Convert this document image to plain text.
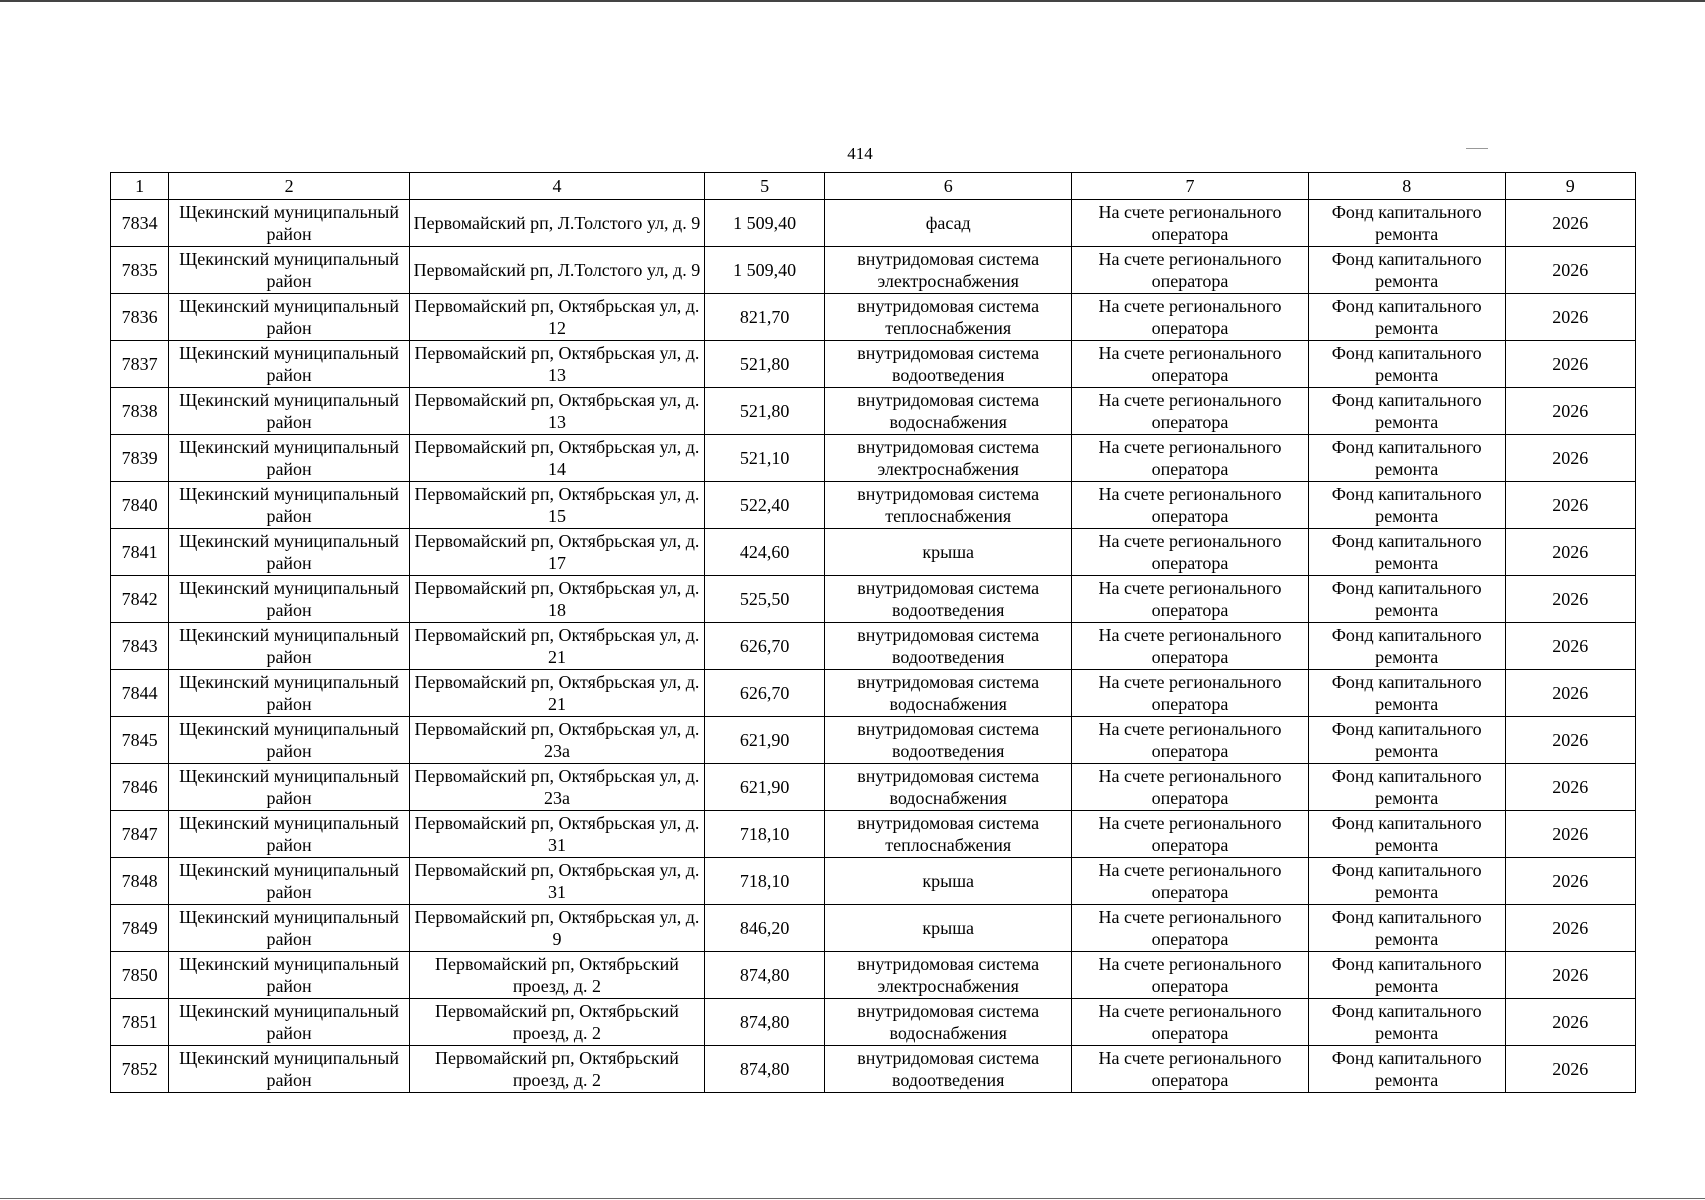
414
1	2	4	5	6	7	8	9
7834	Щекинский муниципальный район	Первомайский рп, Л.Толстого ул, д. 9	1 509,40	фасад	На счете регионального оператора	Фонд капитального ремонта	2026
7835	Щекинский муниципальный район	Первомайский рп, Л.Толстого ул, д. 9	1 509,40	внутридомовая система электроснабжения	На счете регионального оператора	Фонд капитального ремонта	2026
7836	Щекинский муниципальный район	Первомайский рп, Октябрьская ул, д. 12	821,70	внутридомовая система теплоснабжения	На счете регионального оператора	Фонд капитального ремонта	2026
7837	Щекинский муниципальный район	Первомайский рп, Октябрьская ул, д. 13	521,80	внутридомовая система водоотведения	На счете регионального оператора	Фонд капитального ремонта	2026
7838	Щекинский муниципальный район	Первомайский рп, Октябрьская ул, д. 13	521,80	внутридомовая система водоснабжения	На счете регионального оператора	Фонд капитального ремонта	2026
7839	Щекинский муниципальный район	Первомайский рп, Октябрьская ул, д. 14	521,10	внутридомовая система электроснабжения	На счете регионального оператора	Фонд капитального ремонта	2026
7840	Щекинский муниципальный район	Первомайский рп, Октябрьская ул, д. 15	522,40	внутридомовая система теплоснабжения	На счете регионального оператора	Фонд капитального ремонта	2026
7841	Щекинский муниципальный район	Первомайский рп, Октябрьская ул, д. 17	424,60	крыша	На счете регионального оператора	Фонд капитального ремонта	2026
7842	Щекинский муниципальный район	Первомайский рп, Октябрьская ул, д. 18	525,50	внутридомовая система водоотведения	На счете регионального оператора	Фонд капитального ремонта	2026
7843	Щекинский муниципальный район	Первомайский рп, Октябрьская ул, д. 21	626,70	внутридомовая система водоотведения	На счете регионального оператора	Фонд капитального ремонта	2026
7844	Щекинский муниципальный район	Первомайский рп, Октябрьская ул, д. 21	626,70	внутридомовая система водоснабжения	На счете регионального оператора	Фонд капитального ремонта	2026
7845	Щекинский муниципальный район	Первомайский рп, Октябрьская ул, д. 23а	621,90	внутридомовая система водоотведения	На счете регионального оператора	Фонд капитального ремонта	2026
7846	Щекинский муниципальный район	Первомайский рп, Октябрьская ул, д. 23а	621,90	внутридомовая система водоснабжения	На счете регионального оператора	Фонд капитального ремонта	2026
7847	Щекинский муниципальный район	Первомайский рп, Октябрьская ул, д. 31	718,10	внутридомовая система теплоснабжения	На счете регионального оператора	Фонд капитального ремонта	2026
7848	Щекинский муниципальный район	Первомайский рп, Октябрьская ул, д. 31	718,10	крыша	На счете регионального оператора	Фонд капитального ремонта	2026
7849	Щекинский муниципальный район	Первомайский рп, Октябрьская ул, д. 9	846,20	крыша	На счете регионального оператора	Фонд капитального ремонта	2026
7850	Щекинский муниципальный район	Первомайский рп, Октябрьский проезд, д. 2	874,80	внутридомовая система электроснабжения	На счете регионального оператора	Фонд капитального ремонта	2026
7851	Щекинский муниципальный район	Первомайский рп, Октябрьский проезд, д. 2	874,80	внутридомовая система водоснабжения	На счете регионального оператора	Фонд капитального ремонта	2026
7852	Щекинский муниципальный район	Первомайский рп, Октябрьский проезд, д. 2	874,80	внутридомовая система водоотведения	На счете регионального оператора	Фонд капитального ремонта	2026
